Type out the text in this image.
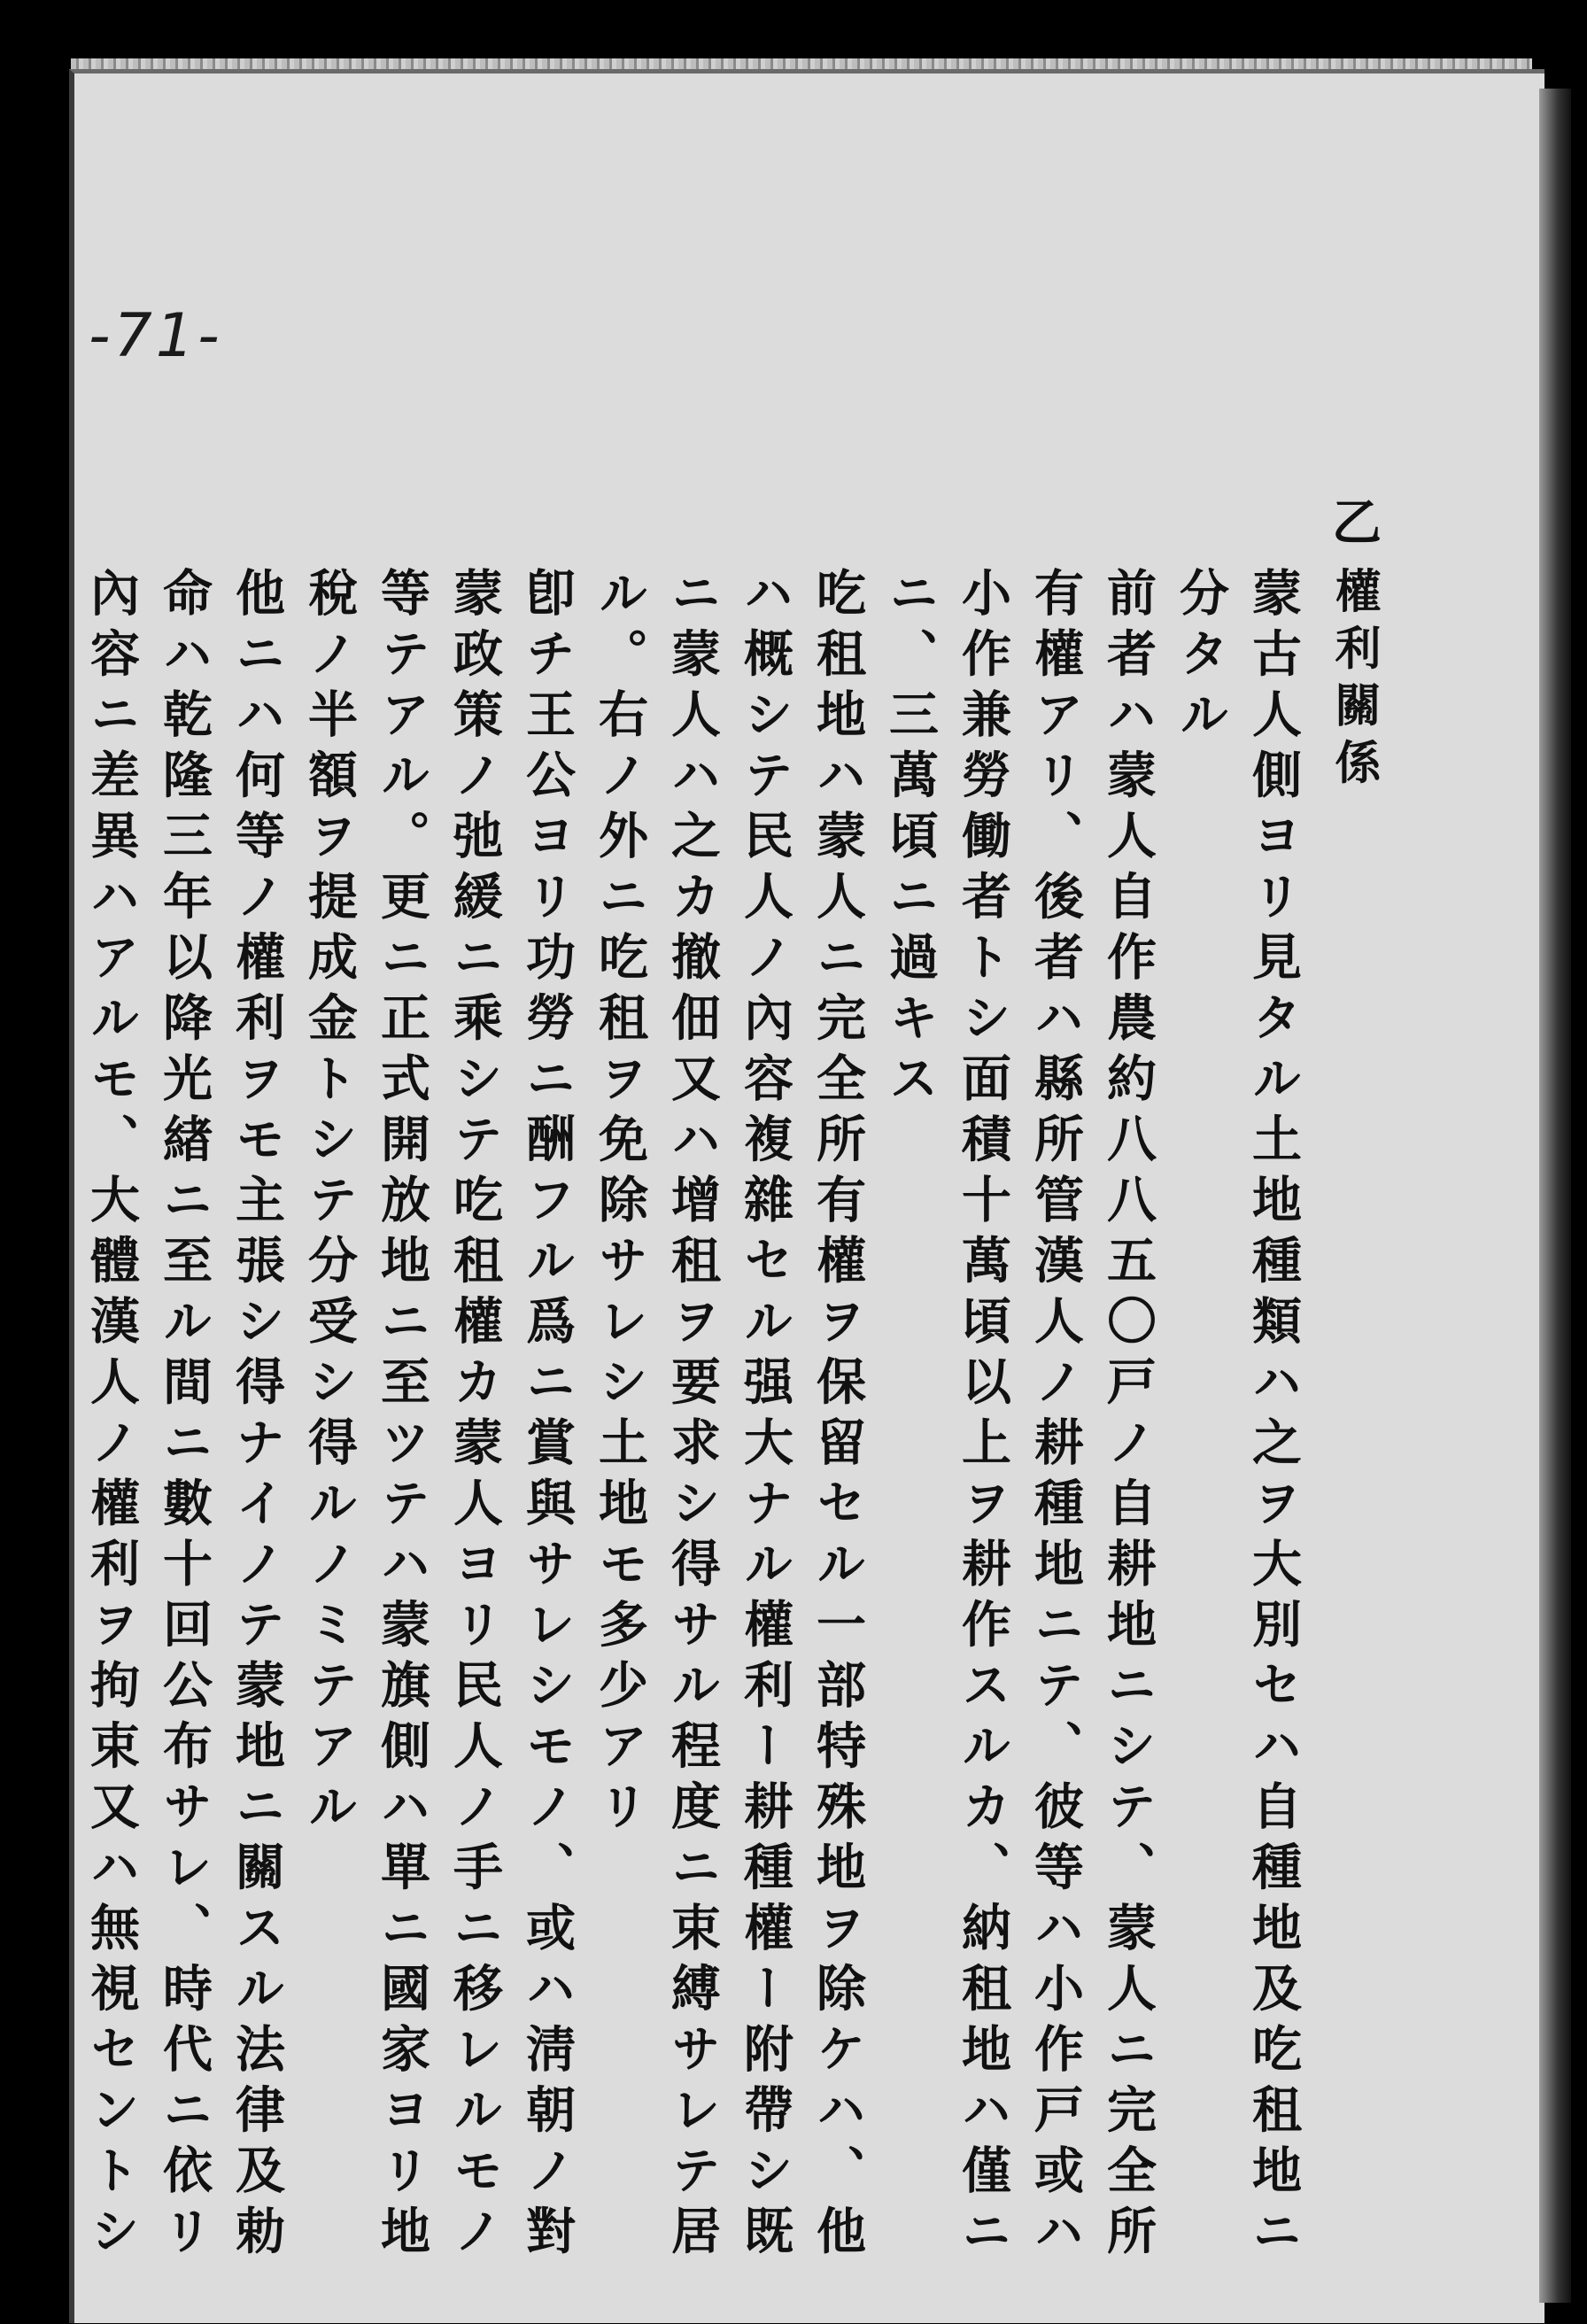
-71-
乙
權利關係
蒙古人側ヨリ見タル土地種類ハ之ヲ大別セハ自種地及吃租地ニ
分タル
前者ハ蒙人自作農約八八五〇戸ノ自耕地ニシテ、蒙人ニ完全所
有權アリ、後者ハ縣所管漢人ノ耕種地ニテ、彼等ハ小作戸或ハ
小作兼勞働者トシ面積十萬頃以上ヲ耕作スルカ、納租地ハ僅ニ
ニ、三萬頃ニ過キス
吃租地ハ蒙人ニ完全所有權ヲ保留セル一部特殊地ヲ除ケハ、他
ハ概シテ民人ノ內容複雜セル强大ナル權利ー耕種權ー附帶シ既
ニ蒙人ハ之カ撤佃又ハ增租ヲ要求シ得サル程度ニ束縛サレテ居
ル。右ノ外ニ吃租ヲ免除サレシ土地モ多少アリ
卽チ王公ヨリ功勞ニ酬フル爲ニ賞與サレシモノ、或ハ淸朝ノ對
蒙政策ノ弛緩ニ乘シテ吃租權カ蒙人ヨリ民人ノ手ニ移レルモノ
等テアル。更ニ正式開放地ニ至ツテハ蒙旗側ハ單ニ國家ヨリ地
稅ノ半額ヲ提成金トシテ分受シ得ルノミテアル
他ニハ何等ノ權利ヲモ主張シ得ナイノテ蒙地ニ關スル法律及勅
命ハ乾隆三年以降光緖ニ至ル間ニ數十回公布サレ、時代ニ依リ
內容ニ差異ハアルモ、大體漢人ノ權利ヲ拘束又ハ無視セントシ
